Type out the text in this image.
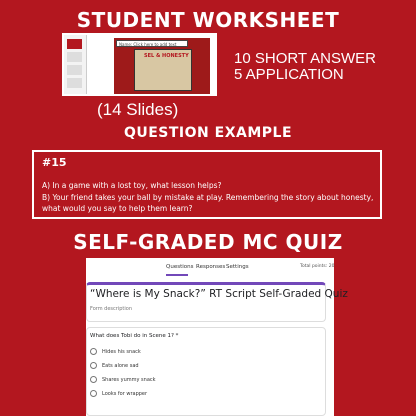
STUDENT WORKSHEET
Name: Click here to add text
SEL & HONESTY	10 SHORT ANSWER
5 APPLICATION
(14 Slides)
QUESTION EXAMPLE
#15
A) In a game with a lost toy, what lesson helps?
B) Your friend takes your ball by mistake at play. Remembering the story about honesty, what would you say to help them learn?
SELF-GRADED MC QUIZ
Questions Responses Settings	Total points: 20
“Where is My Snack?” RT Script Self-Graded Quiz
Form description
What does Tobi do in Scene 1? *
Hides his snack
Eats alone sad
Shares yummy snack
Looks for wrapper
